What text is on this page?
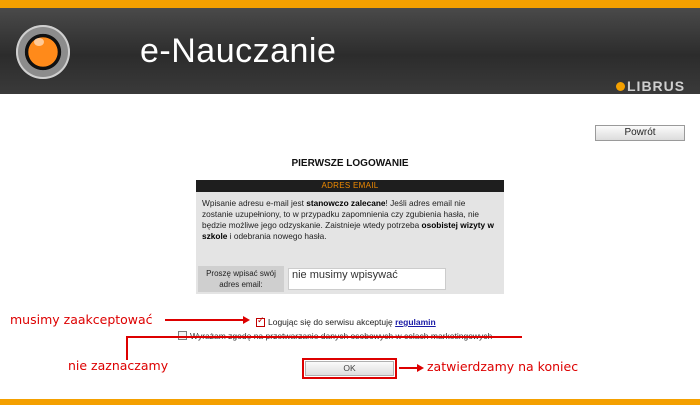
e-Nauczanie
LIBRUS
Powrót
PIERWSZE LOGOWANIE
ADRES EMAIL
Wpisanie adresu e-mail jest stanowczo zalecane! Jeśli adres email nie zostanie uzupełniony, to w przypadku zapomnienia czy zgubienia hasła, nie będzie możliwe jego odzyskanie. Zaistnieje wtedy potrzeba osobistej wizyty w szkole i odebrania nowego hasła.
Proszę wpisać swój adres email:
nie musimy wpisywać
✓
Logując się do serwisu akceptuję regulamin
OK
musimy zaakceptować
nie zaznaczamy	zatwierdzamy na koniec
